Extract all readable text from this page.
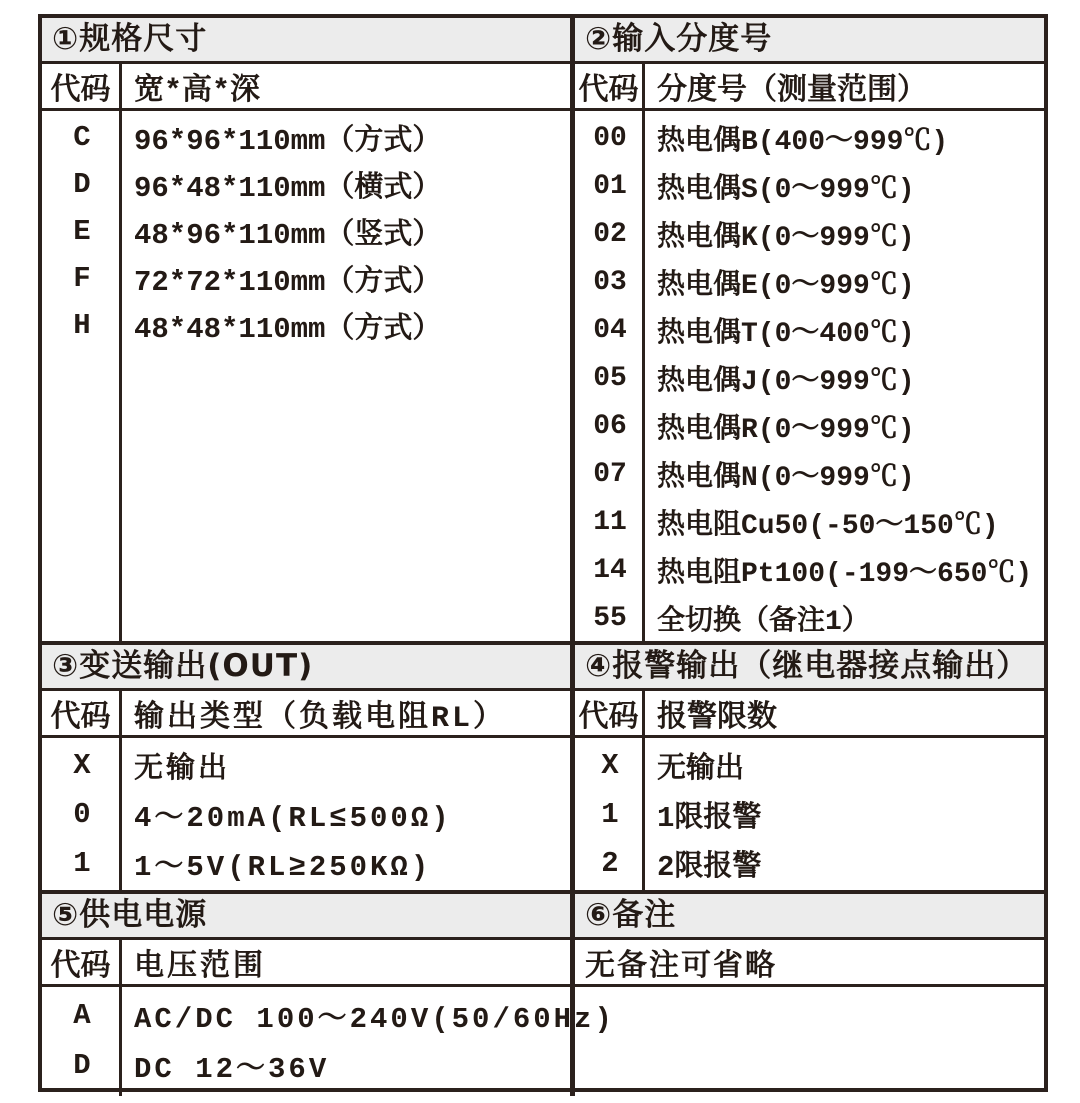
①规格尺寸
代码 宽*高*深
C	96*96*110mm（方式）
D	96*48*110mm（横式）
E	48*96*110mm（竖式）
F	72*72*110mm（方式）
H	48*48*110mm（方式）
③变送输出(OUT)
代码 输出类型（负载电阻RL）
X	无输出
0	4～20mA(RL≤500Ω)
1	1～5V(RL≥250KΩ)
⑤供电电源
代码 电压范围
A	AC/DC 100～240V(50/60Hz)
D	DC 12～36V
②输入分度号
代码 分度号（测量范围）
00	热电偶B(400～999℃)
01	热电偶S(0～999℃)
02	热电偶K(0～999℃)
03	热电偶E(0～999℃)
04	热电偶T(0～400℃)
05	热电偶J(0～999℃)
06	热电偶R(0～999℃)
07	热电偶N(0～999℃)
11	热电阻Cu50(-50～150℃)
14	热电阻Pt100(-199～650℃)
55	全切换（备注1）
④报警输出（继电器接点输出）
代码 报警限数
X	无输出
1	1限报警
2	2限报警
⑥备注
无备注可省略
